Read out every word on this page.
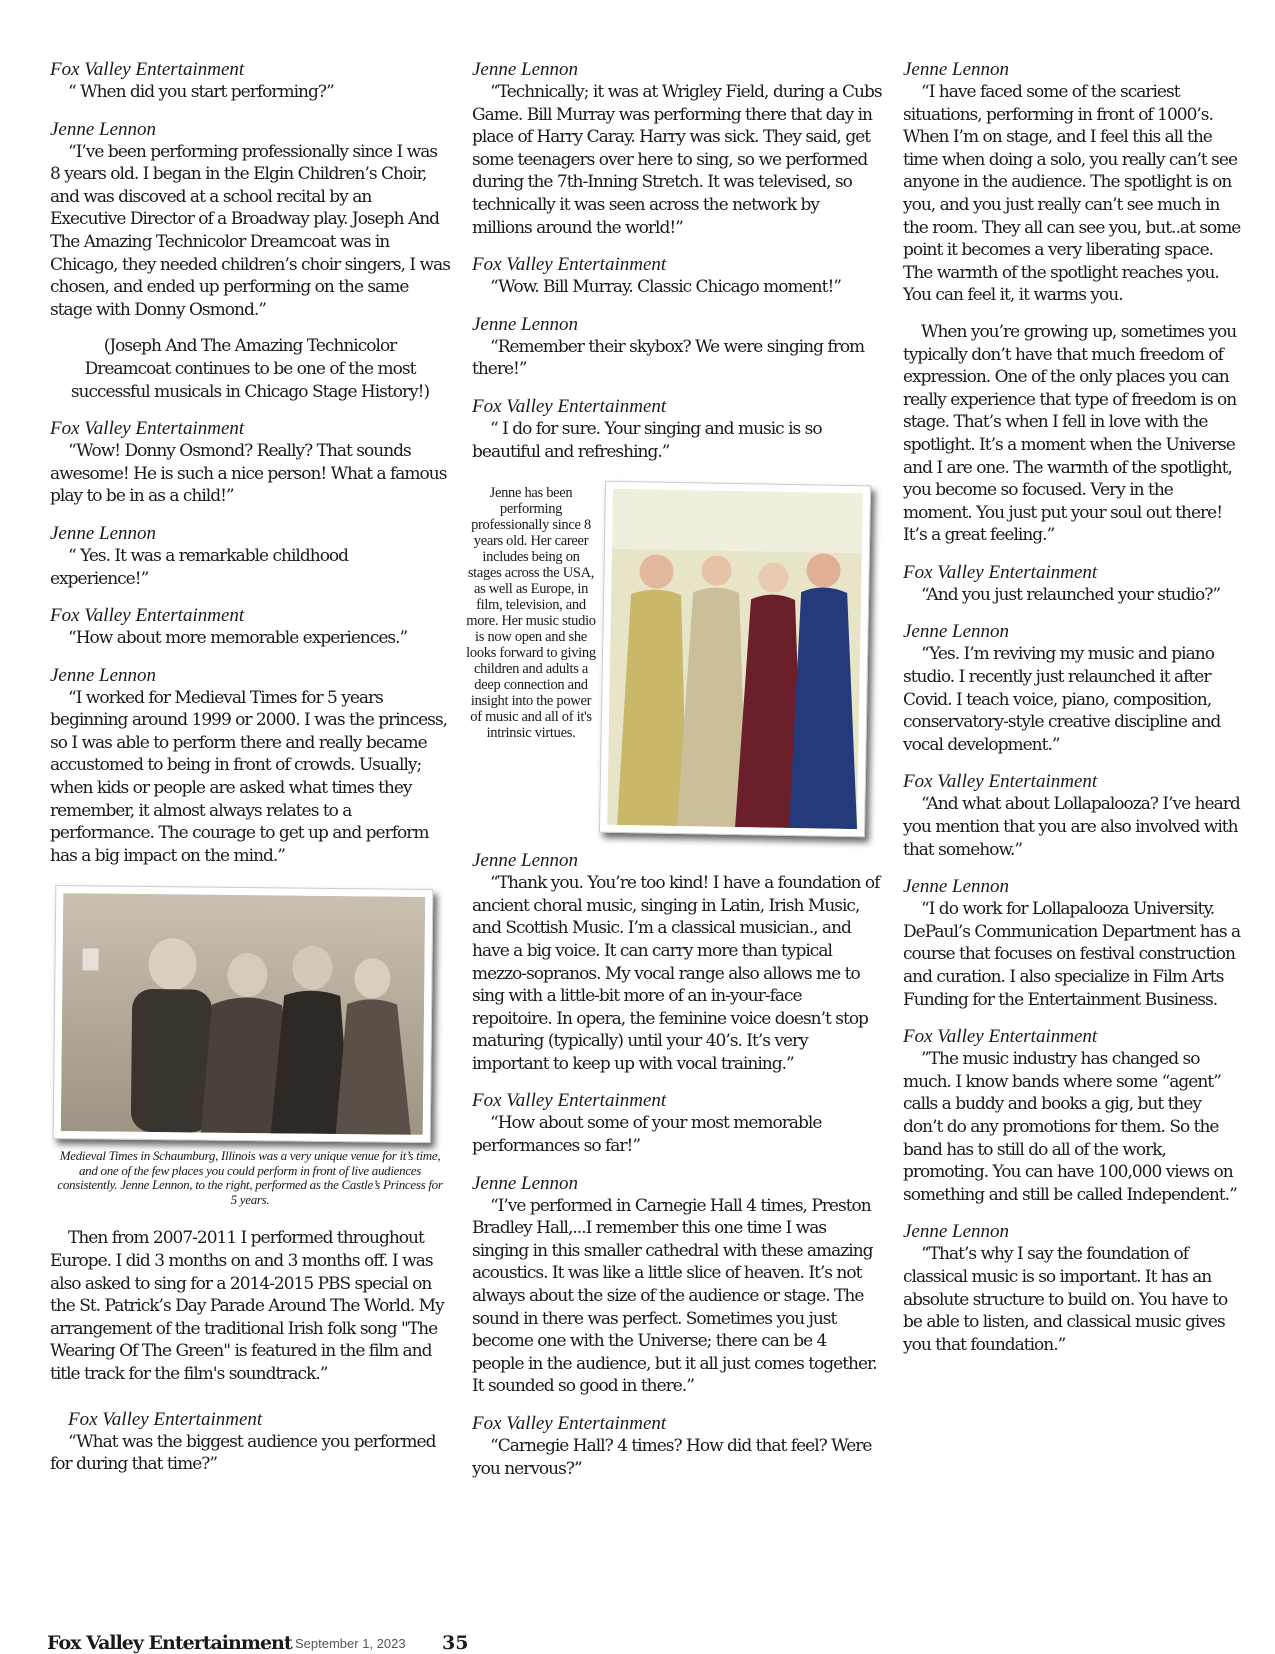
Fox Valley Entertainment

“ When did you start performing?”

Jenne Lennon

“I’ve been performing professionally since I was 8 years old. I began in the Elgin Children’s Choir, and was discoved at a school recital by an Executive Director of a Broadway play. Joseph And The Amazing Technicolor Dreamcoat was in Chicago, they needed children’s choir singers, I was chosen, and ended up performing on the same stage with Donny Osmond.”

(Joseph And The Amazing Technicolor Dreamcoat continues to be one of the most successful musicals in Chicago Stage History!)

Fox Valley Entertainment

“Wow! Donny Osmond? Really? That sounds awesome! He is such a nice person! What a famous play to be in as a child!”

Jenne Lennon

“ Yes. It was a remarkable childhood experience!”

Fox Valley Entertainment

“How about more memorable experiences.”

Jenne Lennon

“I worked for Medieval Times for 5 years beginning around 1999 or 2000. I was the princess, so I was able to perform there and really became accustomed to being in front of crowds. Usually; when kids or people are asked what times they remember, it almost always relates to a performance. The courage to get up and perform has a big impact on the mind.”

Medieval Times in Schaumburg, Illinois was a very unique venue for it’s time, and one of the few places you could perform in front of live audiences consistently. Jenne Lennon, to the right, performed as the Castle’s Princess for 5 years.

Then from 2007-2011 I performed throughout Europe. I did 3 months on and 3 months off. I was also asked to sing for a 2014-2015 PBS special on the St. Patrick’s Day Parade Around The World. My arrangement of the traditional Irish folk song "The Wearing Of The Green" is featured in the film and title track for the film's soundtrack.”

Fox Valley Entertainment

“What was the biggest audience you performed for during that time?”

Jenne Lennon

“Technically; it was at Wrigley Field, during a Cubs Game. Bill Murray was performing there that day in place of Harry Caray. Harry was sick. They said, get some teenagers over here to sing, so we performed during the 7th-Inning Stretch. It was televised, so technically it was seen across the network by millions around the world!”

Fox Valley Entertainment

“Wow. Bill Murray. Classic Chicago moment!”

Jenne Lennon

“Remember their skybox? We were singing from there!”

Fox Valley Entertainment

“ I do for sure. Your singing and music is so beautiful and refreshing.”

Jenne has been performing professionally since 8 years old. Her career includes being on stages across the USA, as well as Europe, in film, television, and more. Her music studio is now open and she looks forward to giving children and adults a deep connection and insight into the power of music and all of it's intrinsic virtues.
Jenne Lennon

“Thank you. You’re too kind! I have a foundation of ancient choral music, singing in Latin, Irish Music, and Scottish Music. I’m a classical musician., and have a big voice. It can carry more than typical mezzo-sopranos. My vocal range also allows me to sing with a little-bit more of an in-your-face repoitoire. In opera, the feminine voice doesn’t stop maturing (typically) until your 40’s. It’s very important to keep up with vocal training.”

Fox Valley Entertainment

“How about some of your most memorable performances so far!”

Jenne Lennon

“I’ve performed in Carnegie Hall 4 times, Preston Bradley Hall,...I remember this one time I was singing in this smaller cathedral with these amazing acoustics. It was like a little slice of heaven. It’s not always about the size of the audience or stage. The sound in there was perfect. Sometimes you just become one with the Universe; there can be 4 people in the audience, but it all just comes together. It sounded so good in there.”

Fox Valley Entertainment

“Carnegie Hall? 4 times? How did that feel? Were you nervous?”

Jenne Lennon

“I have faced some of the scariest situations, performing in front of 1000’s. When I’m on stage, and I feel this all the time when doing a solo, you really can’t see anyone in the audience. The spotlight is on you, and you just really can’t see much in the room. They all can see you, but..at some point it becomes a very liberating space. The warmth of the spotlight reaches you. You can feel it, it warms you.

When you’re growing up, sometimes you typically don’t have that much freedom of expression. One of the only places you can really experience that type of freedom is on stage. That’s when I fell in love with the spotlight. It’s a moment when the Universe and I are one. The warmth of the spotlight, you become so focused. Very in the moment. You just put your soul out there! It’s a great feeling.”

Fox Valley Entertainment

“And you just relaunched your studio?”

Jenne Lennon

“Yes. I’m reviving my music and piano studio. I recently just relaunched it after Covid. I teach voice, piano, composition, conservatory-style creative discipline and vocal development.”

Fox Valley Entertainment

“And what about Lollapalooza? I’ve heard you mention that you are also involved with that somehow.”

Jenne Lennon

“I do work for Lollapalooza University. DePaul’s Communication Department has a course that focuses on festival construction and curation. I also specialize in Film Arts Funding for the Entertainment Business.

Fox Valley Entertainment

”The music industry has changed so much. I know bands where some “agent” calls a buddy and books a gig, but they don’t do any promotions for them. So the band has to still do all of the work, promoting. You can have 100,000 views on something and still be called Independent.”

Jenne Lennon

“That’s why I say the foundation of classical music is so important. It has an absolute structure to build on. You have to be able to listen, and classical music gives you that foundation.”

Fox Valley Entertainment September 1, 2023 35
